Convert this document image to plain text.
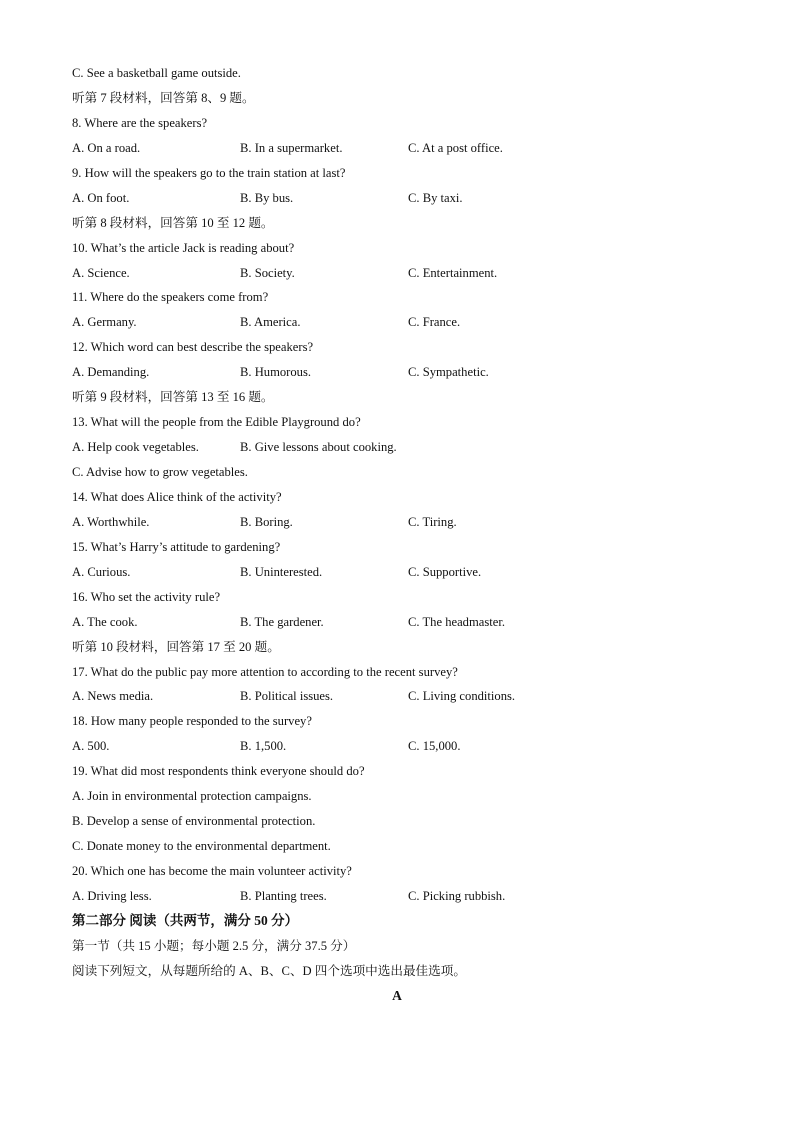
C. See a basketball game outside.
听第 7 段材料，回答第 8、9 题。
8. Where are the speakers?
A. On a road.	B. In a supermarket.	C. At a post office.
9. How will the speakers go to the train station at last?
A. On foot.	B. By bus.	C. By taxi.
听第 8 段材料，回答第 10 至 12 题。
10. What’s the article Jack is reading about?
A. Science.	B. Society.	C. Entertainment.
11. Where do the speakers come from?
A. Germany.	B. America.	C. France.
12. Which word can best describe the speakers?
A. Demanding.	B. Humorous.	C. Sympathetic.
听第 9 段材料，回答第 13 至 16 题。
13. What will the people from the Edible Playground do?
A. Help cook vegetables.	B. Give lessons about cooking.
C. Advise how to grow vegetables.
14. What does Alice think of the activity?
A. Worthwhile.	B. Boring.	C. Tiring.
15. What’s Harry’s attitude to gardening?
A. Curious.	B. Uninterested.	C. Supportive.
16. Who set the activity rule?
A. The cook.	B. The gardener.	C. The headmaster.
听第 10 段材料，回答第 17 至 20 题。
17. What do the public pay more attention to according to the recent survey?
A. News media.	B. Political issues.	C. Living conditions.
18. How many people responded to the survey?
A. 500.	B. 1,500.	C. 15,000.
19. What did most respondents think everyone should do?
A. Join in environmental protection campaigns.
B. Develop a sense of environmental protection.
C. Donate money to the environmental department.
20. Which one has become the main volunteer activity?
A. Driving less.	B. Planting trees.	C. Picking rubbish.
第二部分 阅读（共两节，满分 50 分）
第一节（共 15 小题；每小题 2.5 分，满分 37.5 分）
阅读下列短文，从每题所给的 A、B、C、D 四个选项中选出最佳选项。
A
